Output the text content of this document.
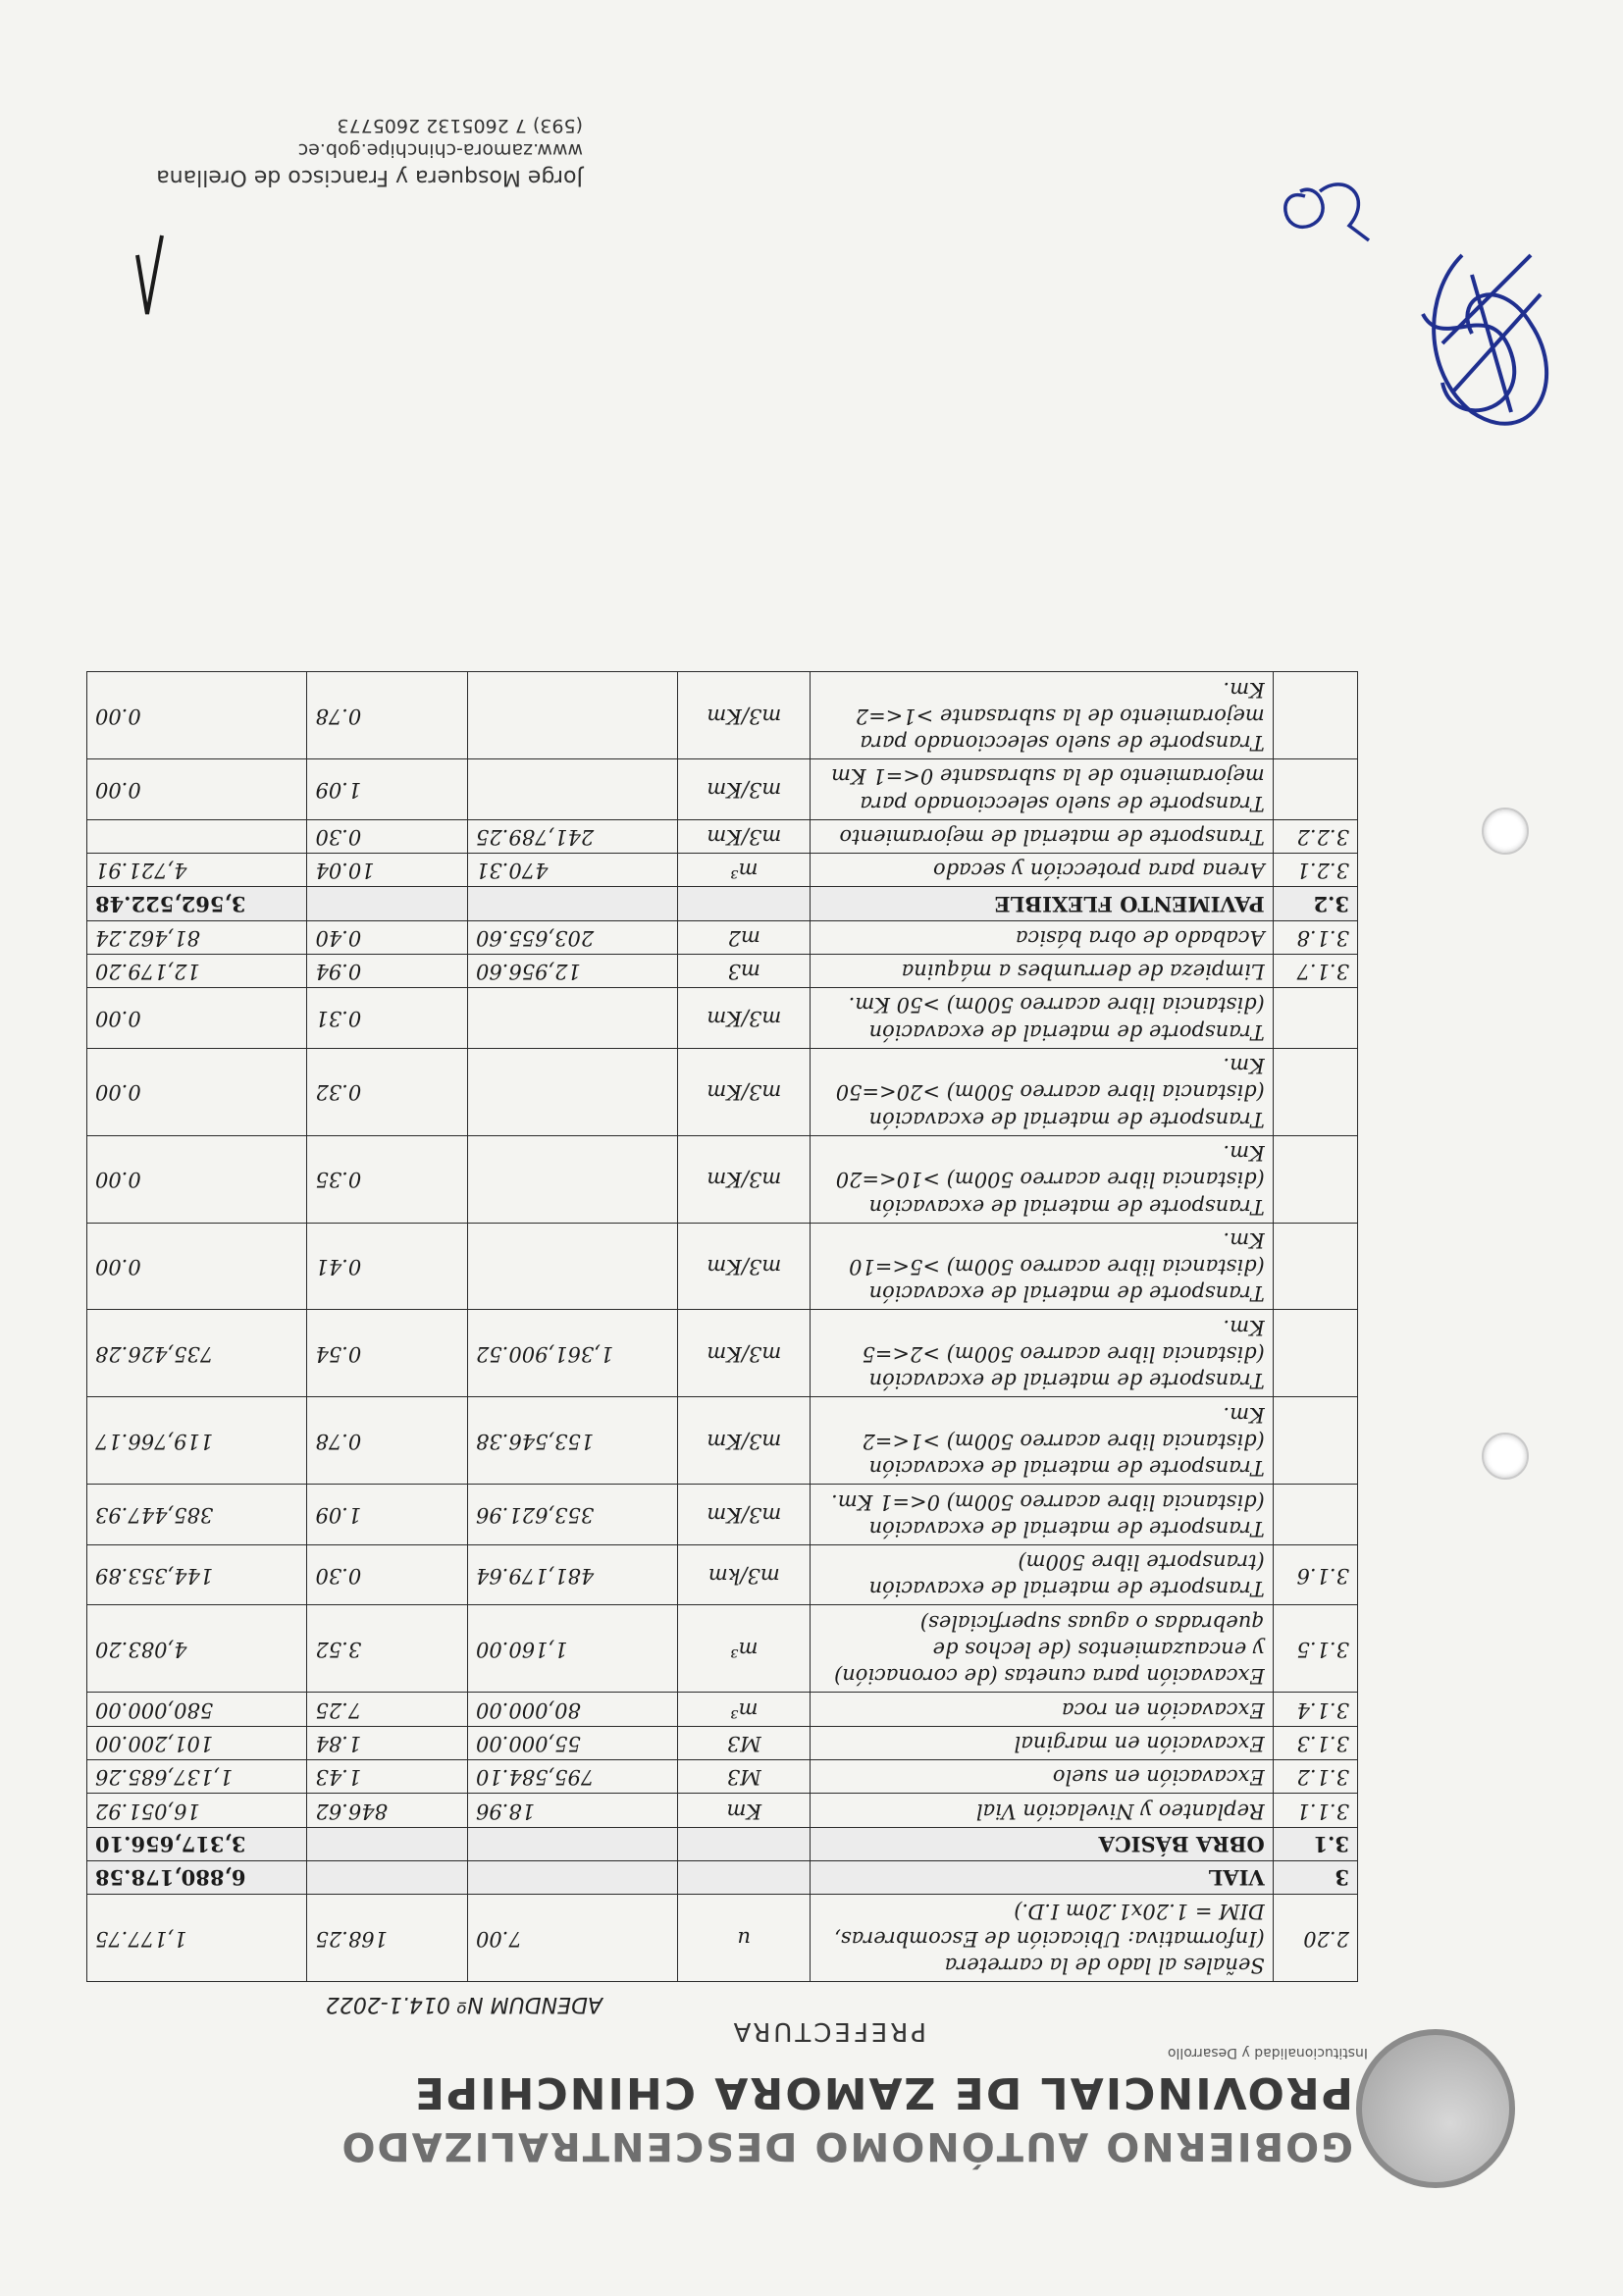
Institucionalidad y Desarrollo
GOBIERNO AUTÓNOMO DESCENTRALIZADO
PROVINCIAL DE ZAMORA CHINCHIPE
PREFECTURA
ADENDUM Nº 014.1-2022
2.20	Señales al lado de la carretera (Informativa: Ubicación de Escombreras, DIM = 1.20x1.20m I.D.)	u	7.00	168.25	1,177.75
3	VIAL				6,880,178.58
3.1	OBRA BÁSICA				3,317,656.10
3.1.1	Replanteo y Nivelación Vial	Km	18.96	846.62	16,051.92
3.1.2	Excavación en suelo	M3	795,584.10	1.43	1,137,685.26
3.1.3	Excavación en marginal	M3	55,000.00	1.84	101,200.00
3.1.4	Excavación en roca	m³	80,000.00	7.25	580,000.00
3.1.5	Excavación para cunetas (de coronación) y encauzamientos (de lechos de quebradas o aguas superficiales)	m³	1,160.00	3.52	4,083.20
3.1.6	Transporte de material de excavación (transporte libre 500m)	m3/km	481,179.64	0.30	144,353.89
	Transporte de material de excavación (distancia libre acarreo 500m) 0<=1 Km.	m3/Km	353,621.96	1.09	385,447.93
	Transporte de material de excavación (distancia libre acarreo 500m) >1<=2 Km.	m3/Km	153,546.38	0.78	119,766.17
	Transporte de material de excavación (distancia libre acarreo 500m) >2<=5 Km.	m3/Km	1,361,900.52	0.54	735,426.28
	Transporte de material de excavación (distancia libre acarreo 500m) >5<=10 Km.	m3/Km		0.41	0.00
	Transporte de material de excavación (distancia libre acarreo 500m) >10<=20 Km.	m3/Km		0.35	0.00
	Transporte de material de excavación (distancia libre acarreo 500m) >20<=50 Km.	m3/Km		0.32	0.00
	Transporte de material de excavación (distancia libre acarreo 500m) >50 Km.	m3/Km		0.31	0.00
3.1.7	Limpieza de derrumbes a máquina	m3	12,956.60	0.94	12,179.20
3.1.8	Acabado de obra básica	m2	203,655.60	0.40	81,462.24
3.2	PAVIMENTO FLEXIBLE				3,562,522.48
3.2.1	Arena para protección y secado	m³	470.31	10.04	4,721.91
3.2.2	Transporte de material de mejoramiento	m3/Km	241,789.25	0.30	
	Transporte de suelo seleccionado para mejoramiento de la subrasante 0<=1 Km	m3/Km		1.09	0.00
	Transporte de suelo seleccionado para mejoramiento de la subrasante >1<=2 Km.	m3/Km		0.78	0.00
Jorge Mosquera y Francisco de Orellana
www.zamora-chinchipe.gob.ec
(593) 7 2605132 2605773
